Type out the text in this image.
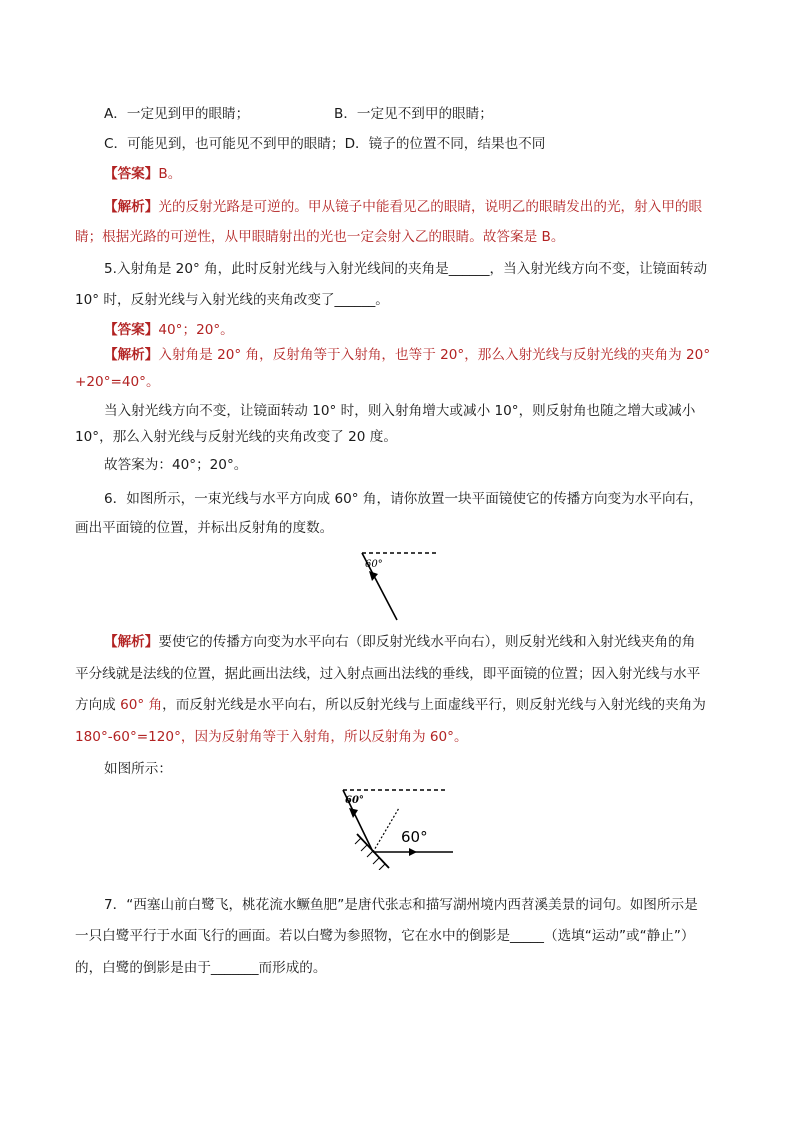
A．一定见到甲的眼睛；	B．一定见不到甲的眼睛；
C．可能见到，也可能见不到甲的眼睛；D．镜子的位置不同，结果也不同
【答案】B。
【解析】光的反射光路是可逆的。甲从镜子中能看见乙的眼睛，说明乙的眼睛发出的光，射入甲的眼
睛；根据光路的可逆性，从甲眼睛射出的光也一定会射入乙的眼睛。故答案是 B。
5.入射角是 20° 角，此时反射光线与入射光线间的夹角是______，当入射光线方向不变，让镜面转动
10° 时，反射光线与入射光线的夹角改变了______。
【答案】40°；20°。
【解析】入射角是 20° 角，反射角等于入射角，也等于 20°，那么入射光线与反射光线的夹角为 20°
+20°=40°。
当入射光线方向不变，让镜面转动 10° 时，则入射角增大或减小 10°，则反射角也随之增大或减小
10°，那么入射光线与反射光线的夹角改变了 20 度。
故答案为：40°；20°。
6．如图所示，一束光线与水平方向成 60° 角，请你放置一块平面镜使它的传播方向变为水平向右，
画出平面镜的位置，并标出反射角的度数。
60°
【解析】要使它的传播方向变为水平向右（即反射光线水平向右），则反射光线和入射光线夹角的角
平分线就是法线的位置，据此画出法线，过入射点画出法线的垂线，即平面镜的位置；因入射光线与水平
方向成 60° 角，而反射光线是水平向右，所以反射光线与上面虚线平行，则反射光线与入射光线的夹角为
180°-60°=120°，因为反射角等于入射角，所以反射角为 60°。
如图所示：
60°
60°
7．“西塞山前白鹭飞，桃花流水鳜鱼肥”是唐代张志和描写湖州境内西苕溪美景的词句。如图所示是
一只白鹭平行于水面飞行的画面。若以白鹭为参照物，它在水中的倒影是_____（选填“运动”或“静止”）
的，白鹭的倒影是由于_______而形成的。
